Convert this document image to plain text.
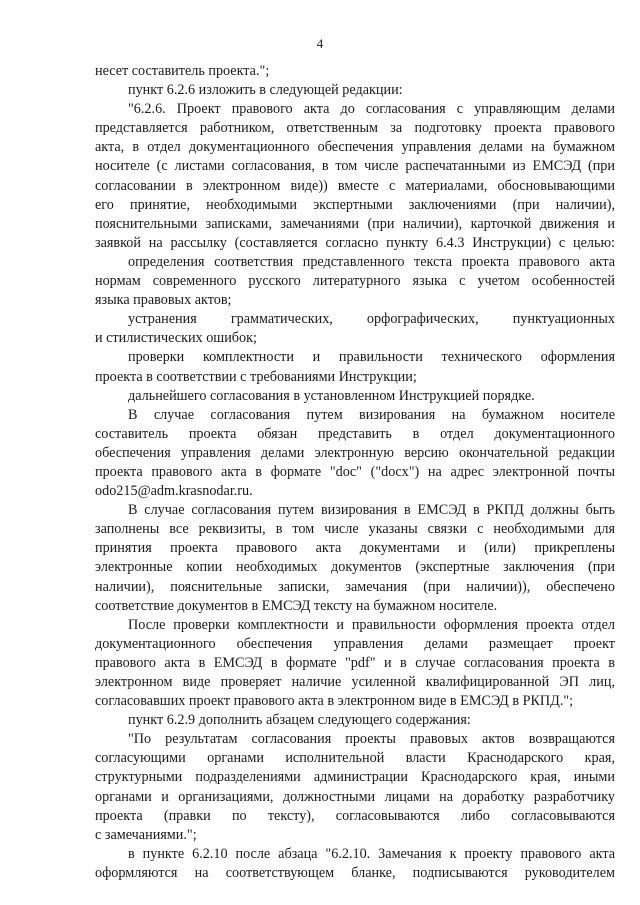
4
несет составитель проекта.";
пункт 6.2.6 изложить в следующей редакции:
"6.2.6. Проект правового акта до согласования с управляющим делами
представляется работником, ответственным за подготовку проекта правового
акта, в отдел документационного обеспечения управления делами на бумажном
носителе (с листами согласования, в том числе распечатанными из ЕМСЭД (при
согласовании в электронном виде)) вместе с материалами, обосновывающими
его принятие, необходимыми экспертными заключениями (при наличии),
пояснительными записками, замечаниями (при наличии), карточкой движения и
заявкой на рассылку (составляется согласно пункту 6.4.3 Инструкции) с целью:
определения соответствия представленного текста проекта правового акта
нормам современного русского литературного языка с учетом особенностей
языка правовых актов;
устранения грамматических, орфографических, пунктуационных
и стилистических ошибок;
проверки комплектности и правильности технического оформления
проекта в соответствии с требованиями Инструкции;
дальнейшего согласования в установленном Инструкцией порядке.
В случае согласования путем визирования на бумажном носителе
составитель проекта обязан представить в отдел документационного
обеспечения управления делами электронную версию окончательной редакции
проекта правового акта в формате "doc" ("docx") на адрес электронной почты
odo215@adm.krasnodar.ru.
В случае согласования путем визирования в ЕМСЭД в РКПД должны быть
заполнены все реквизиты, в том числе указаны связки с необходимыми для
принятия проекта правового акта документами и (или) прикреплены
электронные копии необходимых документов (экспертные заключения (при
наличии), пояснительные записки, замечания (при наличии)), обеспечено
соответствие документов в ЕМСЭД тексту на бумажном носителе.
После проверки комплектности и правильности оформления проекта отдел
документационного обеспечения управления делами размещает проект
правового акта в ЕМСЭД в формате "pdf" и в случае согласования проекта в
электронном виде проверяет наличие усиленной квалифицированной ЭП лиц,
согласовавших проект правового акта в электронном виде в ЕМСЭД в РКПД.";
пункт 6.2.9 дополнить абзацем следующего содержания:
"По результатам согласования проекты правовых актов возвращаются
согласующими органами исполнительной власти Краснодарского края,
структурными подразделениями администрации Краснодарского края, иными
органами и организациями, должностными лицами на доработку разработчику
проекта (правки по тексту), согласовываются либо согласовываются
с замечаниями.";
в пункте 6.2.10 после абзаца "6.2.10. Замечания к проекту правового акта
оформляются на соответствующем бланке, подписываются руководителем
